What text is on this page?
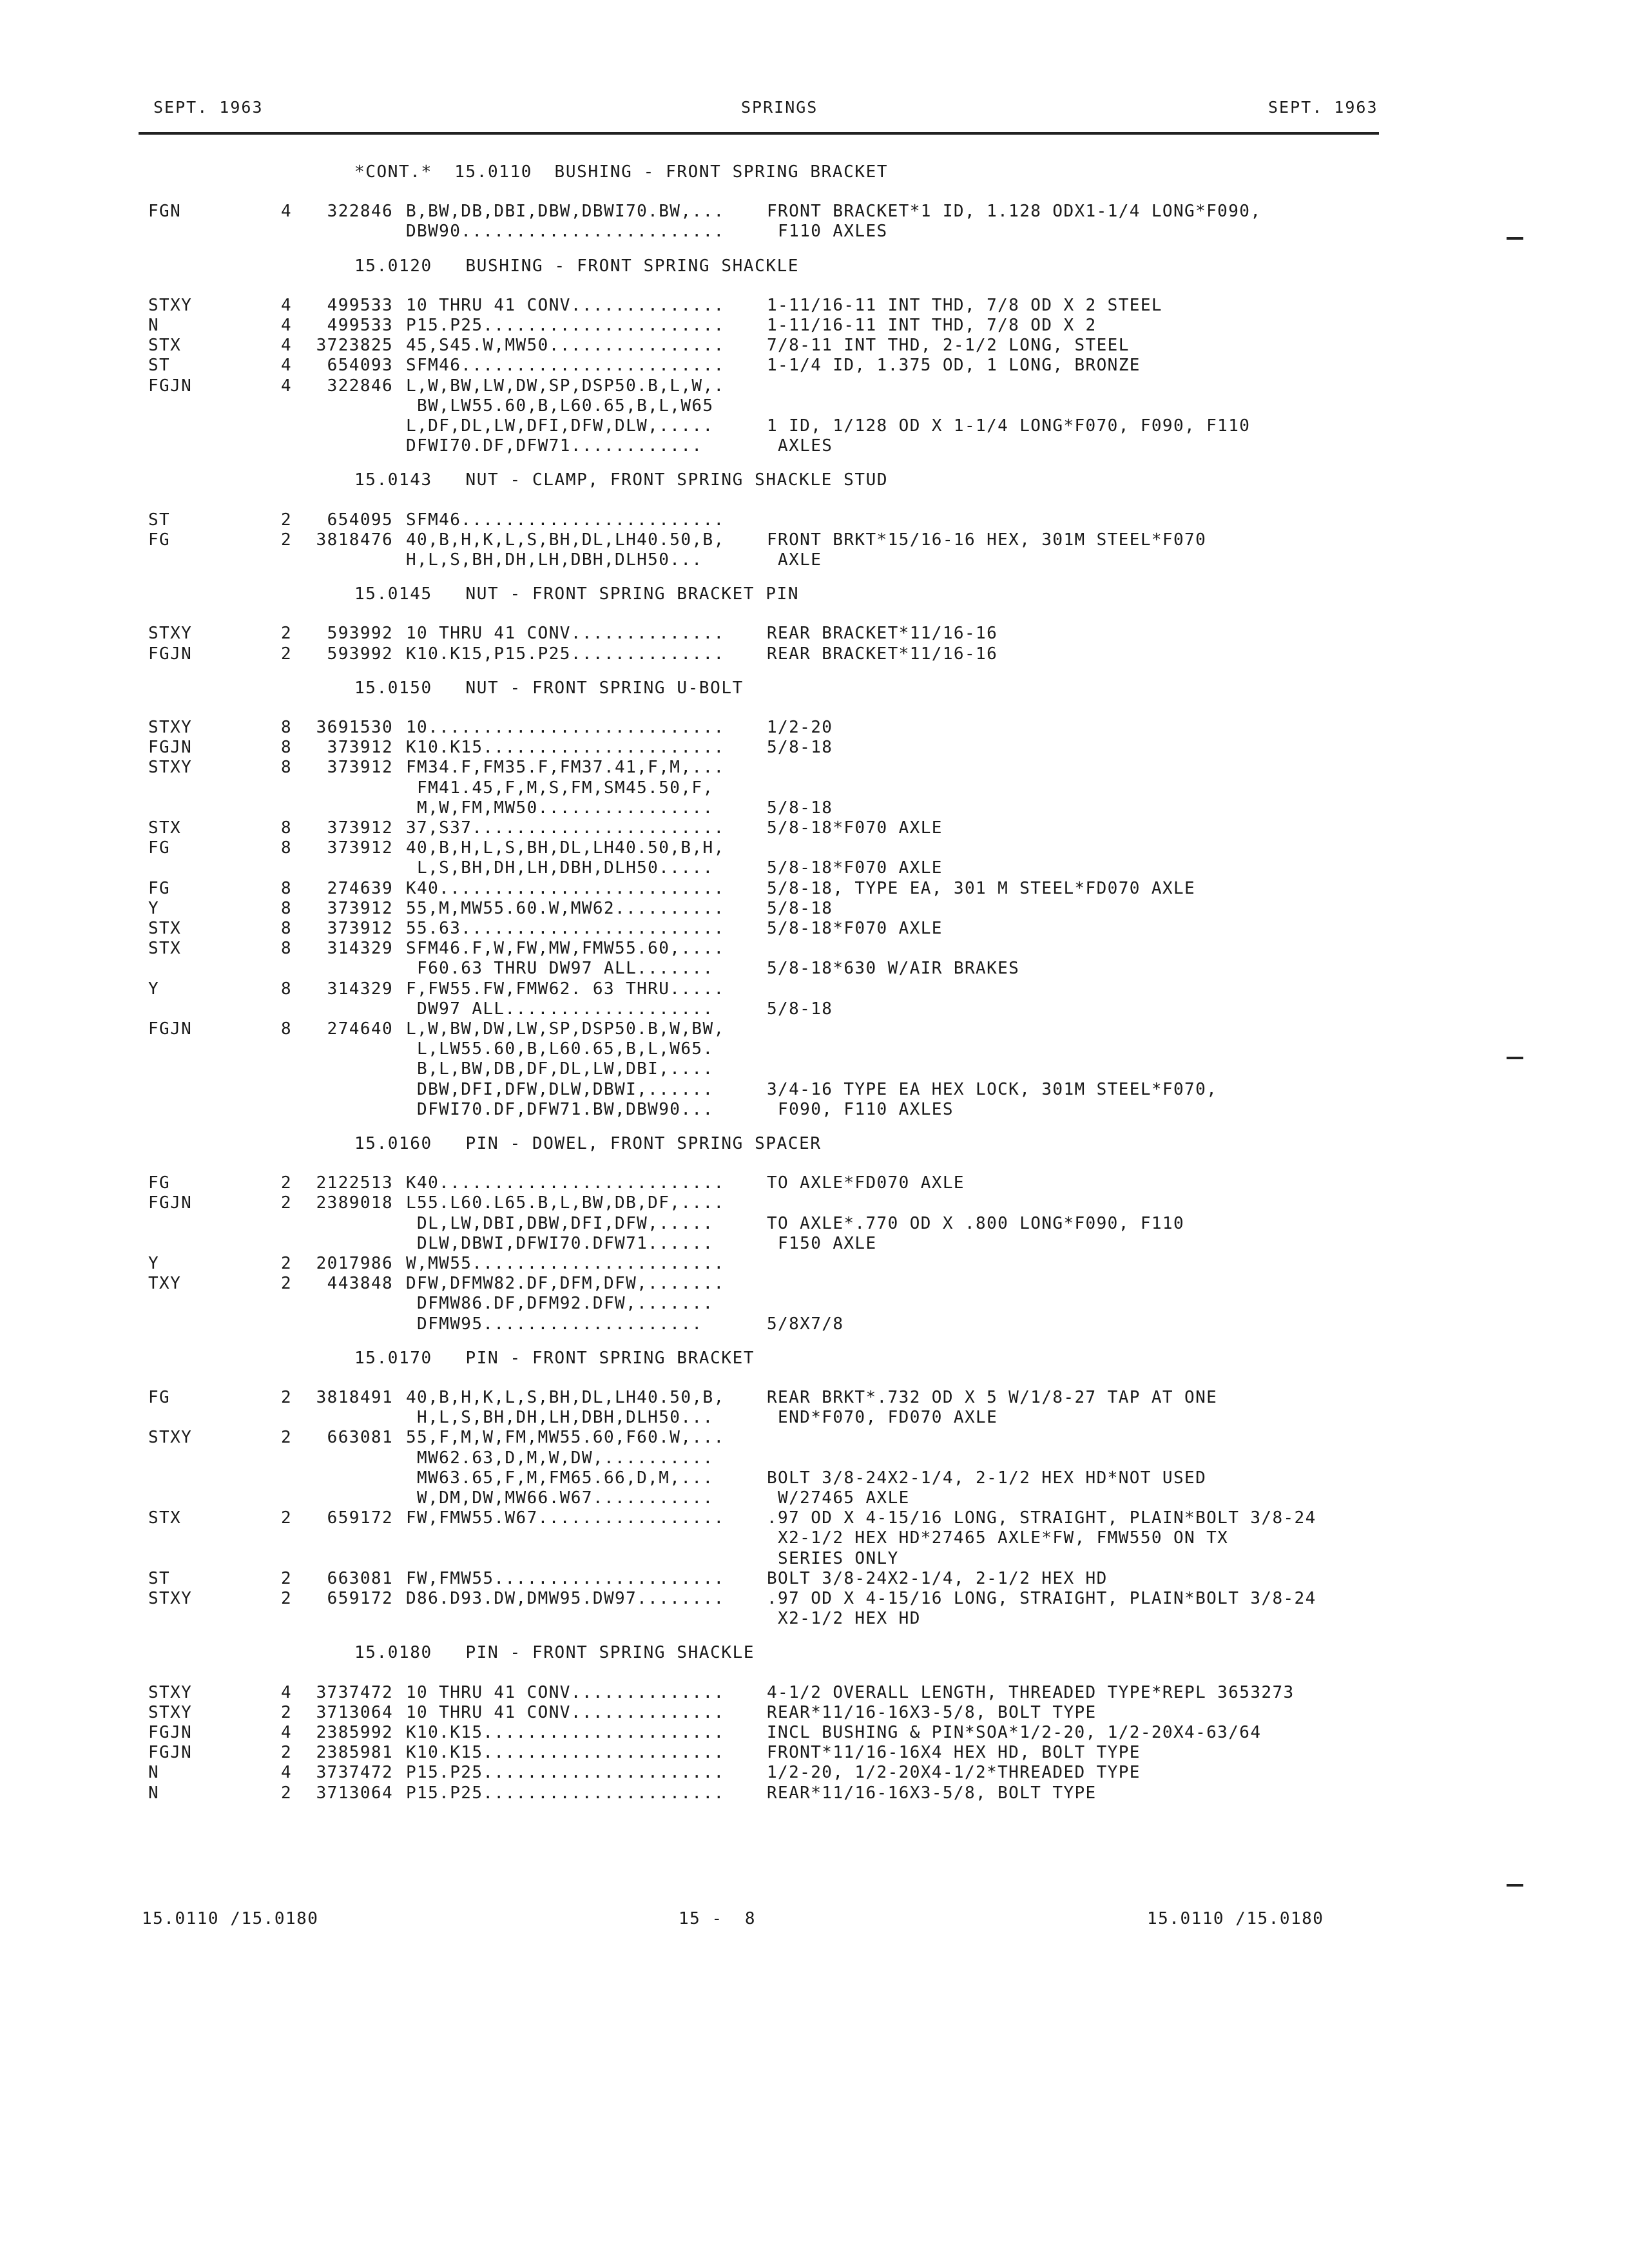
SEPT. 1963	SPRINGS	SEPT. 1963
*CONT.*  15.0110  BUSHING - FRONT SPRING BRACKET
FGN	4	322846 B,BW,DB,DBI,DBW,DBWI70.BW,...	FRONT BRACKET*1 ID, 1.128 ODX1-1/4 LONG*F090,
DBW90........................	F110 AXLES
15.0120   BUSHING - FRONT SPRING SHACKLE
STXY	4	499533 10 THRU 41 CONV..............	1-11/16-11 INT THD, 7/8 OD X 2 STEEL
N	4	499533 P15.P25......................	1-11/16-11 INT THD, 7/8 OD X 2
STX	4	3723825 45,S45.W,MW50................	7/8-11 INT THD, 2-1/2 LONG, STEEL
ST	4	654093 SFM46........................	1-1/4 ID, 1.375 OD, 1 LONG, BRONZE
FGJN	4	322846 L,W,BW,LW,DW,SP,DSP50.B,L,W,.
BW,LW55.60,B,L60.65,B,L,W65
L,DF,DL,LW,DFI,DFW,DLW,.....	1 ID, 1/128 OD X 1-1/4 LONG*F070, F090, F110
DFWI70.DF,DFW71............	AXLES
15.0143   NUT - CLAMP, FRONT SPRING SHACKLE STUD
ST	2	654095 SFM46........................
FG	2	3818476 40,B,H,K,L,S,BH,DL,LH40.50,B,	FRONT BRKT*15/16-16 HEX, 301M STEEL*F070
H,L,S,BH,DH,LH,DBH,DLH50...	AXLE
15.0145   NUT - FRONT SPRING BRACKET PIN
STXY	2	593992 10 THRU 41 CONV..............	REAR BRACKET*11/16-16
FGJN	2	593992 K10.K15,P15.P25..............	REAR BRACKET*11/16-16
15.0150   NUT - FRONT SPRING U-BOLT
STXY	8	3691530 10...........................	1/2-20
FGJN	8	373912 K10.K15......................	5/8-18
STXY	8	373912 FM34.F,FM35.F,FM37.41,F,M,...
FM41.45,F,M,S,FM,SM45.50,F,
M,W,FM,MW50................	5/8-18
STX	8	373912 37,S37.......................	5/8-18*F070 AXLE
FG	8	373912 40,B,H,L,S,BH,DL,LH40.50,B,H,
L,S,BH,DH,LH,DBH,DLH50.....	5/8-18*F070 AXLE
FG	8	274639 K40..........................	5/8-18, TYPE EA, 301 M STEEL*FD070 AXLE
Y	8	373912 55,M,MW55.60.W,MW62..........	5/8-18
STX	8	373912 55.63........................	5/8-18*F070 AXLE
STX	8	314329 SFM46.F,W,FW,MW,FMW55.60,....
F60.63 THRU DW97 ALL.......	5/8-18*630 W/AIR BRAKES
Y	8	314329 F,FW55.FW,FMW62. 63 THRU.....
DW97 ALL...................	5/8-18
FGJN	8	274640 L,W,BW,DW,LW,SP,DSP50.B,W,BW,
L,LW55.60,B,L60.65,B,L,W65.
B,L,BW,DB,DF,DL,LW,DBI,....
DBW,DFI,DFW,DLW,DBWI,......	3/4-16 TYPE EA HEX LOCK, 301M STEEL*F070,
DFWI70.DF,DFW71.BW,DBW90...	F090, F110 AXLES
15.0160   PIN - DOWEL, FRONT SPRING SPACER
FG	2	2122513 K40..........................	TO AXLE*FD070 AXLE
FGJN	2	2389018 L55.L60.L65.B,L,BW,DB,DF,....
DL,LW,DBI,DBW,DFI,DFW,.....	TO AXLE*.770 OD X .800 LONG*F090, F110
DLW,DBWI,DFWI70.DFW71......	F150 AXLE
Y	2	2017986 W,MW55.......................
TXY	2	443848 DFW,DFMW82.DF,DFM,DFW,.......
DFMW86.DF,DFM92.DFW,.......
DFMW95....................	5/8X7/8
15.0170   PIN - FRONT SPRING BRACKET
FG	2	3818491 40,B,H,K,L,S,BH,DL,LH40.50,B,	REAR BRKT*.732 OD X 5 W/1/8-27 TAP AT ONE
H,L,S,BH,DH,LH,DBH,DLH50...	END*F070, FD070 AXLE
STXY	2	663081 55,F,M,W,FM,MW55.60,F60.W,...
MW62.63,D,M,W,DW,..........
MW63.65,F,M,FM65.66,D,M,...	BOLT 3/8-24X2-1/4, 2-1/2 HEX HD*NOT USED
W,DM,DW,MW66.W67...........	W/27465 AXLE
STX	2	659172 FW,FMW55.W67.................	.97 OD X 4-15/16 LONG, STRAIGHT, PLAIN*BOLT 3/8-24
X2-1/2 HEX HD*27465 AXLE*FW, FMW550 ON TX
SERIES ONLY
ST	2	663081 FW,FMW55.....................	BOLT 3/8-24X2-1/4, 2-1/2 HEX HD
STXY	2	659172 D86.D93.DW,DMW95.DW97........	.97 OD X 4-15/16 LONG, STRAIGHT, PLAIN*BOLT 3/8-24
X2-1/2 HEX HD
15.0180   PIN - FRONT SPRING SHACKLE
STXY	4	3737472 10 THRU 41 CONV..............	4-1/2 OVERALL LENGTH, THREADED TYPE*REPL 3653273
STXY	2	3713064 10 THRU 41 CONV..............	REAR*11/16-16X3-5/8, BOLT TYPE
FGJN	4	2385992 K10.K15......................	INCL BUSHING & PIN*SOA*1/2-20, 1/2-20X4-63/64
FGJN	2	2385981 K10.K15......................	FRONT*11/16-16X4 HEX HD, BOLT TYPE
N	4	3737472 P15.P25......................	1/2-20, 1/2-20X4-1/2*THREADED TYPE
N	2	3713064 P15.P25......................	REAR*11/16-16X3-5/8, BOLT TYPE
15.0110 /15.0180	15 -  8	15.0110 /15.0180
